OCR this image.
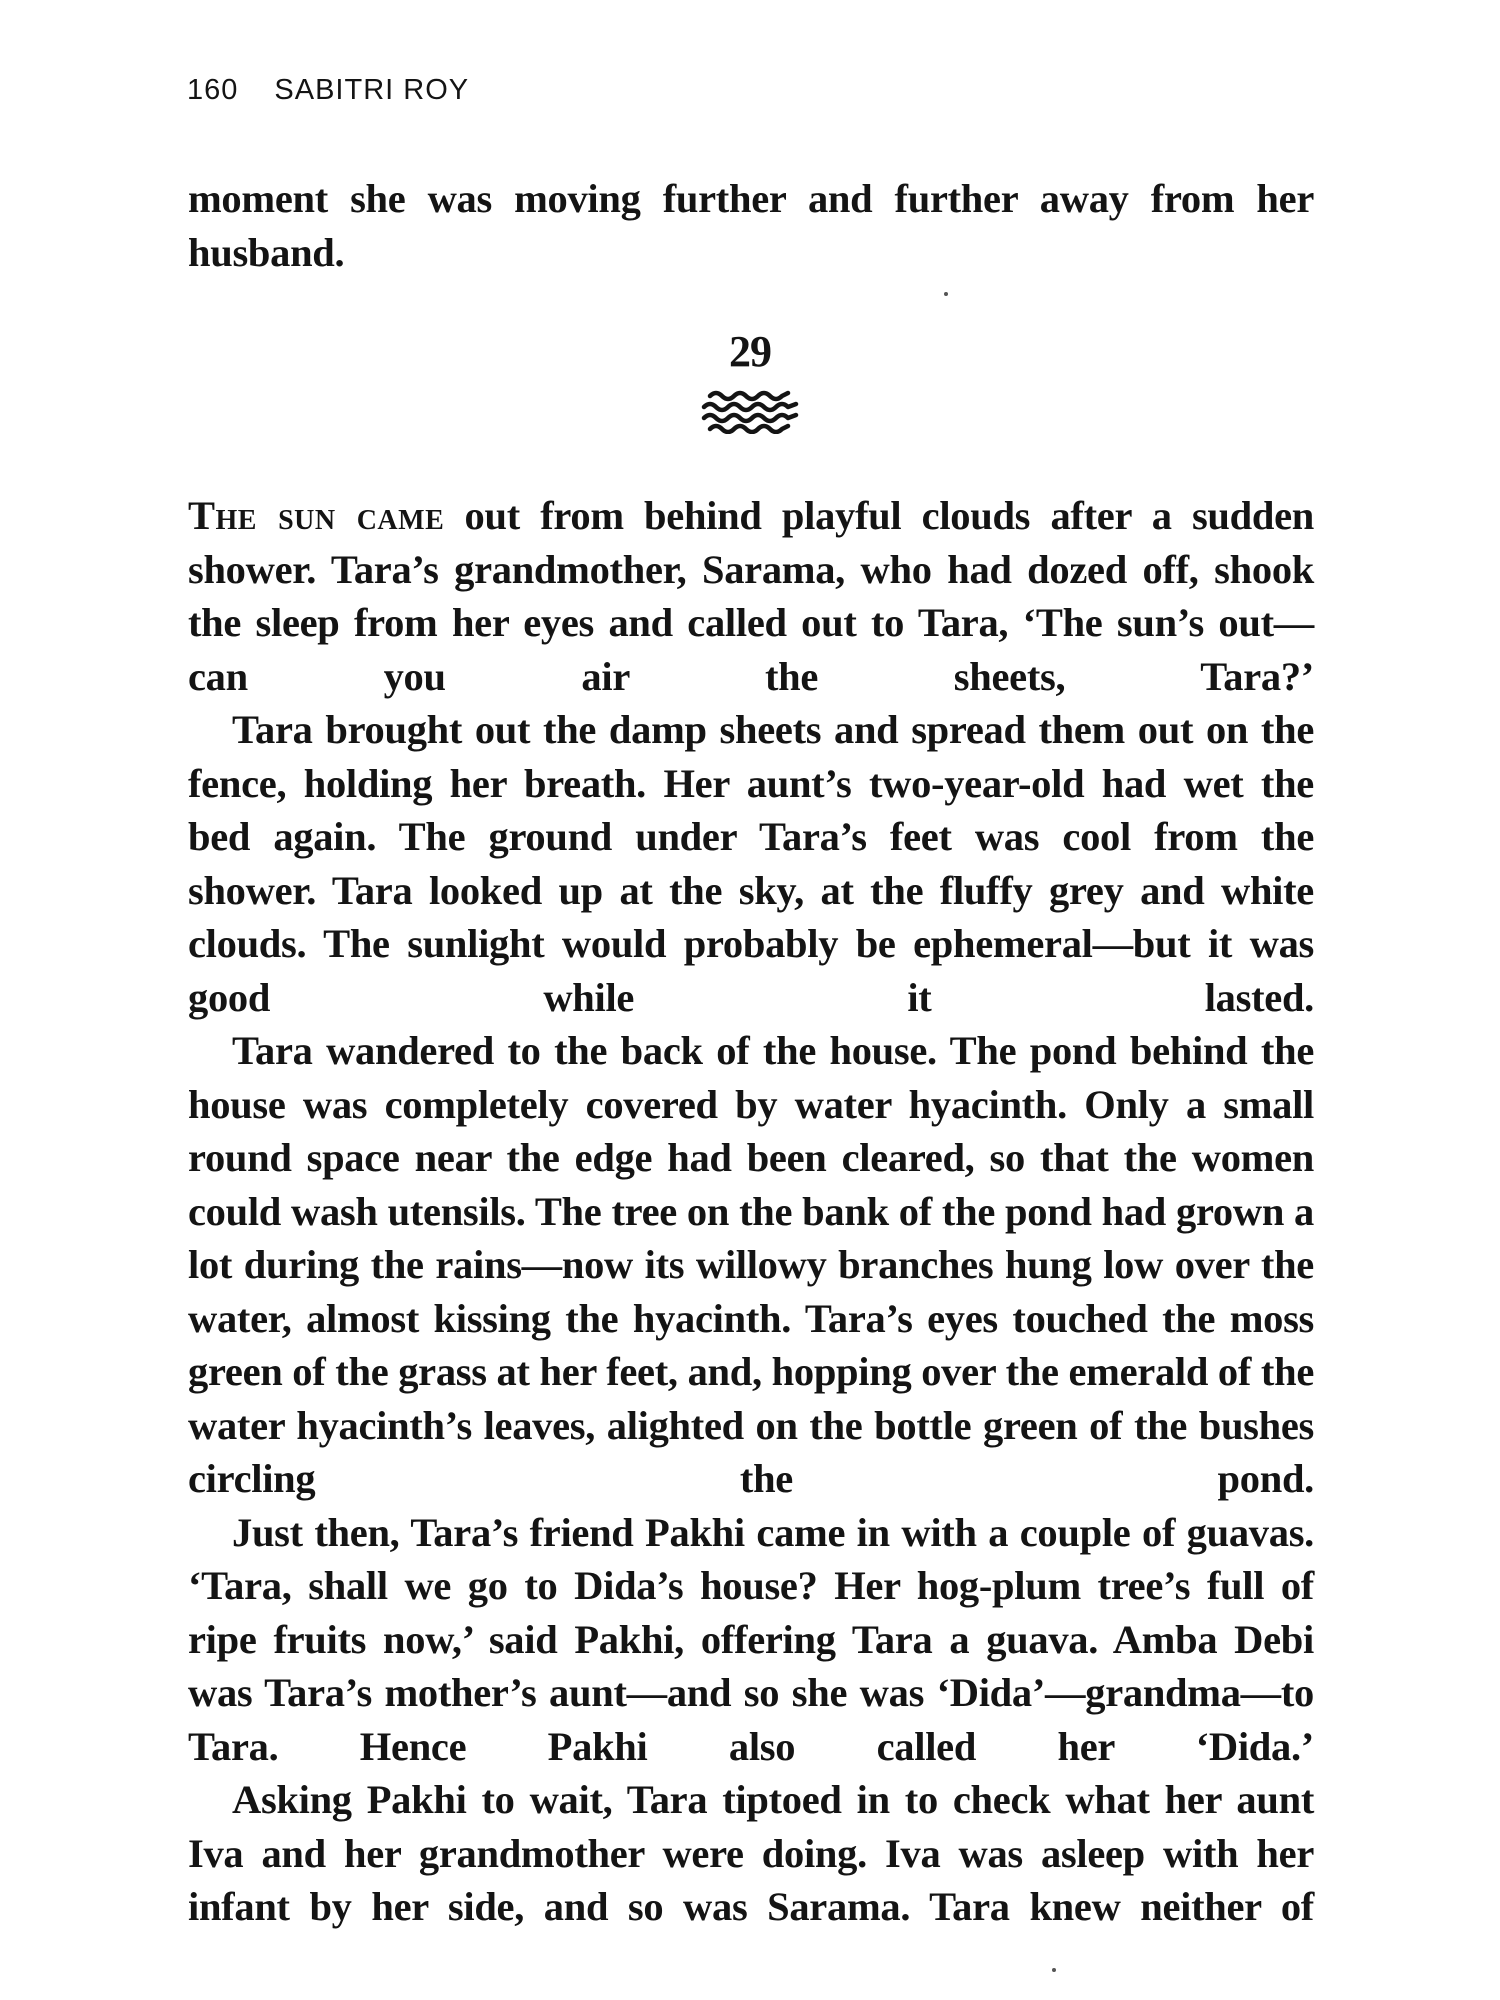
160 SABITRI ROY

moment she was moving further and further away from her

husband.

29

The sun came out from behind playful clouds after a sudden shower. Tara’s grandmother, Sarama, who had dozed off, shook the sleep from her eyes and called out to Tara, ‘The sun’s out—can you air the sheets, Tara?’

Tara brought out the damp sheets and spread them out on the fence, holding her breath. Her aunt’s two-year-old had wet the bed again. The ground under Tara’s feet was cool from the shower. Tara looked up at the sky, at the fluffy grey and white clouds. The sunlight would probably be ephemeral—but it was good while it lasted.

Tara wandered to the back of the house. The pond behind the house was completely covered by water hyacinth. Only a small round space near the edge had been cleared, so that the women could wash utensils. The tree on the bank of the pond had grown a lot during the rains—now its willowy branches hung low over the water, almost kissing the hyacinth. Tara’s eyes touched the moss green of the grass at her feet, and, hopping over the emerald of the water hyacinth’s leaves, alighted on the bottle green of the bushes circling the pond.

Just then, Tara’s friend Pakhi came in with a couple of guavas. ‘Tara, shall we go to Dida’s house? Her hog-plum tree’s full of ripe fruits now,’ said Pakhi, offering Tara a guava. Amba Debi was Tara’s mother’s aunt—and so she was ‘Dida’—grandma—to Tara. Hence Pakhi also called her ‘Dida.’

Asking Pakhi to wait, Tara tiptoed in to check what her aunt Iva and her grandmother were doing. Iva was asleep with her infant by her side, and so was Sarama. Tara knew neither of
